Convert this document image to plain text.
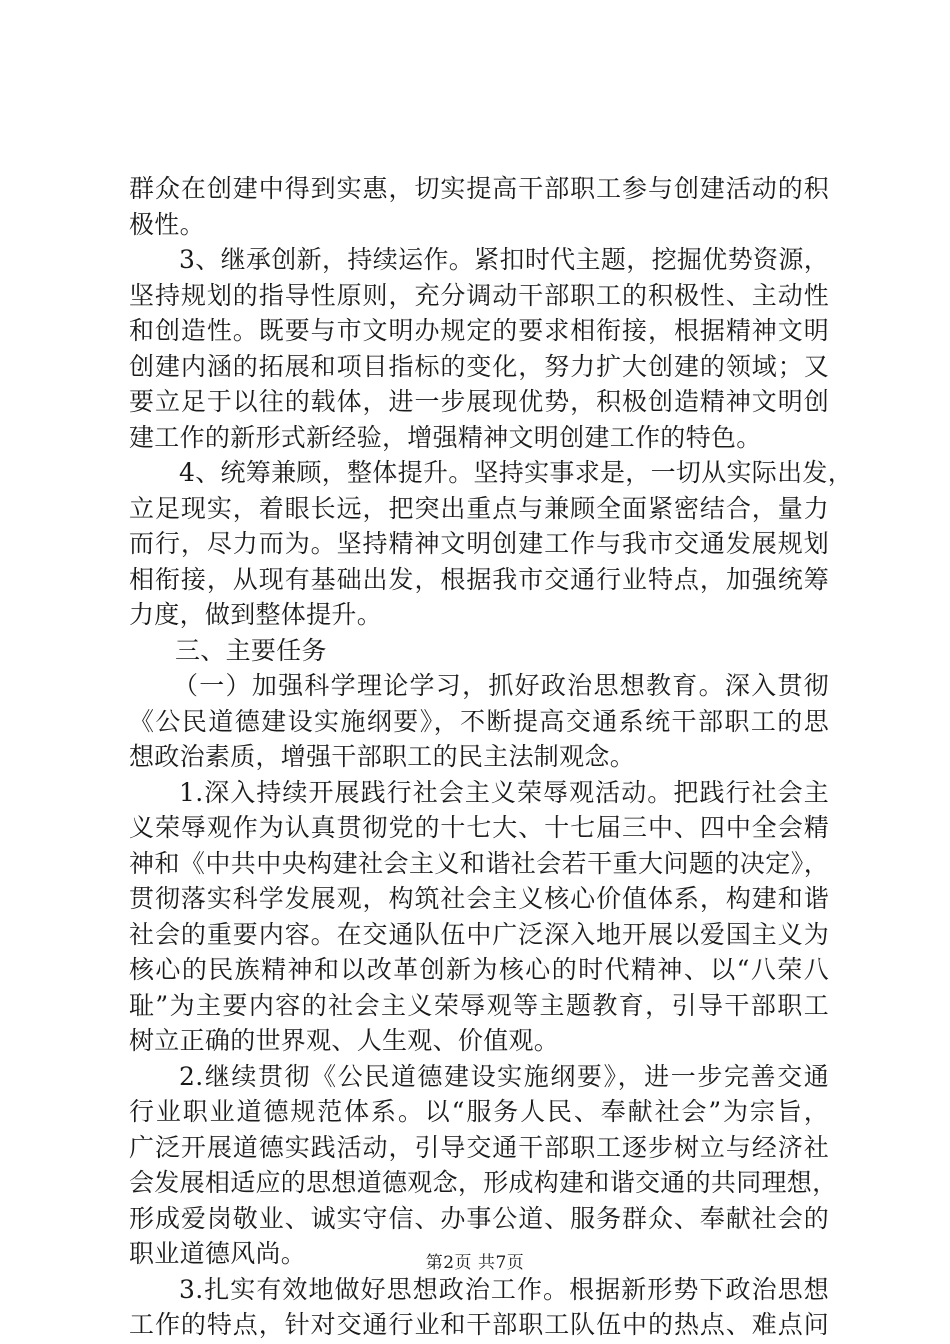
群众在创建中得到实惠，切实提高干部职工参与创建活动的积
极性。
3、继承创新，持续运作。紧扣时代主题，挖掘优势资源，
坚持规划的指导性原则，充分调动干部职工的积极性、主动性
和创造性。既要与市文明办规定的要求相衔接，根据精神文明
创建内涵的拓展和项目指标的变化，努力扩大创建的领域；又
要立足于以往的载体，进一步展现优势，积极创造精神文明创
建工作的新形式新经验，增强精神文明创建工作的特色。
4、统筹兼顾，整体提升。坚持实事求是，一切从实际出发，
立足现实，着眼长远，把突出重点与兼顾全面紧密结合，量力
而行，尽力而为。坚持精神文明创建工作与我市交通发展规划
相衔接，从现有基础出发，根据我市交通行业特点，加强统筹
力度，做到整体提升。
三、主要任务
（一）加强科学理论学习，抓好政治思想教育。深入贯彻
《公民道德建设实施纲要》，不断提高交通系统干部职工的思
想政治素质，增强干部职工的民主法制观念。
1.深入持续开展践行社会主义荣辱观活动。把践行社会主
义荣辱观作为认真贯彻党的十七大、十七届三中、四中全会精
神和《中共中央构建社会主义和谐社会若干重大问题的决定》，
贯彻落实科学发展观，构筑社会主义核心价值体系，构建和谐
社会的重要内容。在交通队伍中广泛深入地开展以爱国主义为
核心的民族精神和以改革创新为核心的时代精神、以“八荣八
耻”为主要内容的社会主义荣辱观等主题教育，引导干部职工
树立正确的世界观、人生观、价值观。
2.继续贯彻《公民道德建设实施纲要》，进一步完善交通
行业职业道德规范体系。以“服务人民、奉献社会”为宗旨，
广泛开展道德实践活动，引导交通干部职工逐步树立与经济社
会发展相适应的思想道德观念，形成构建和谐交通的共同理想，
形成爱岗敬业、诚实守信、办事公道、服务群众、奉献社会的
职业道德风尚。
3.扎实有效地做好思想政治工作。根据新形势下政治思想
工作的特点，针对交通行业和干部职工队伍中的热点、难点问
第2页 共7页
